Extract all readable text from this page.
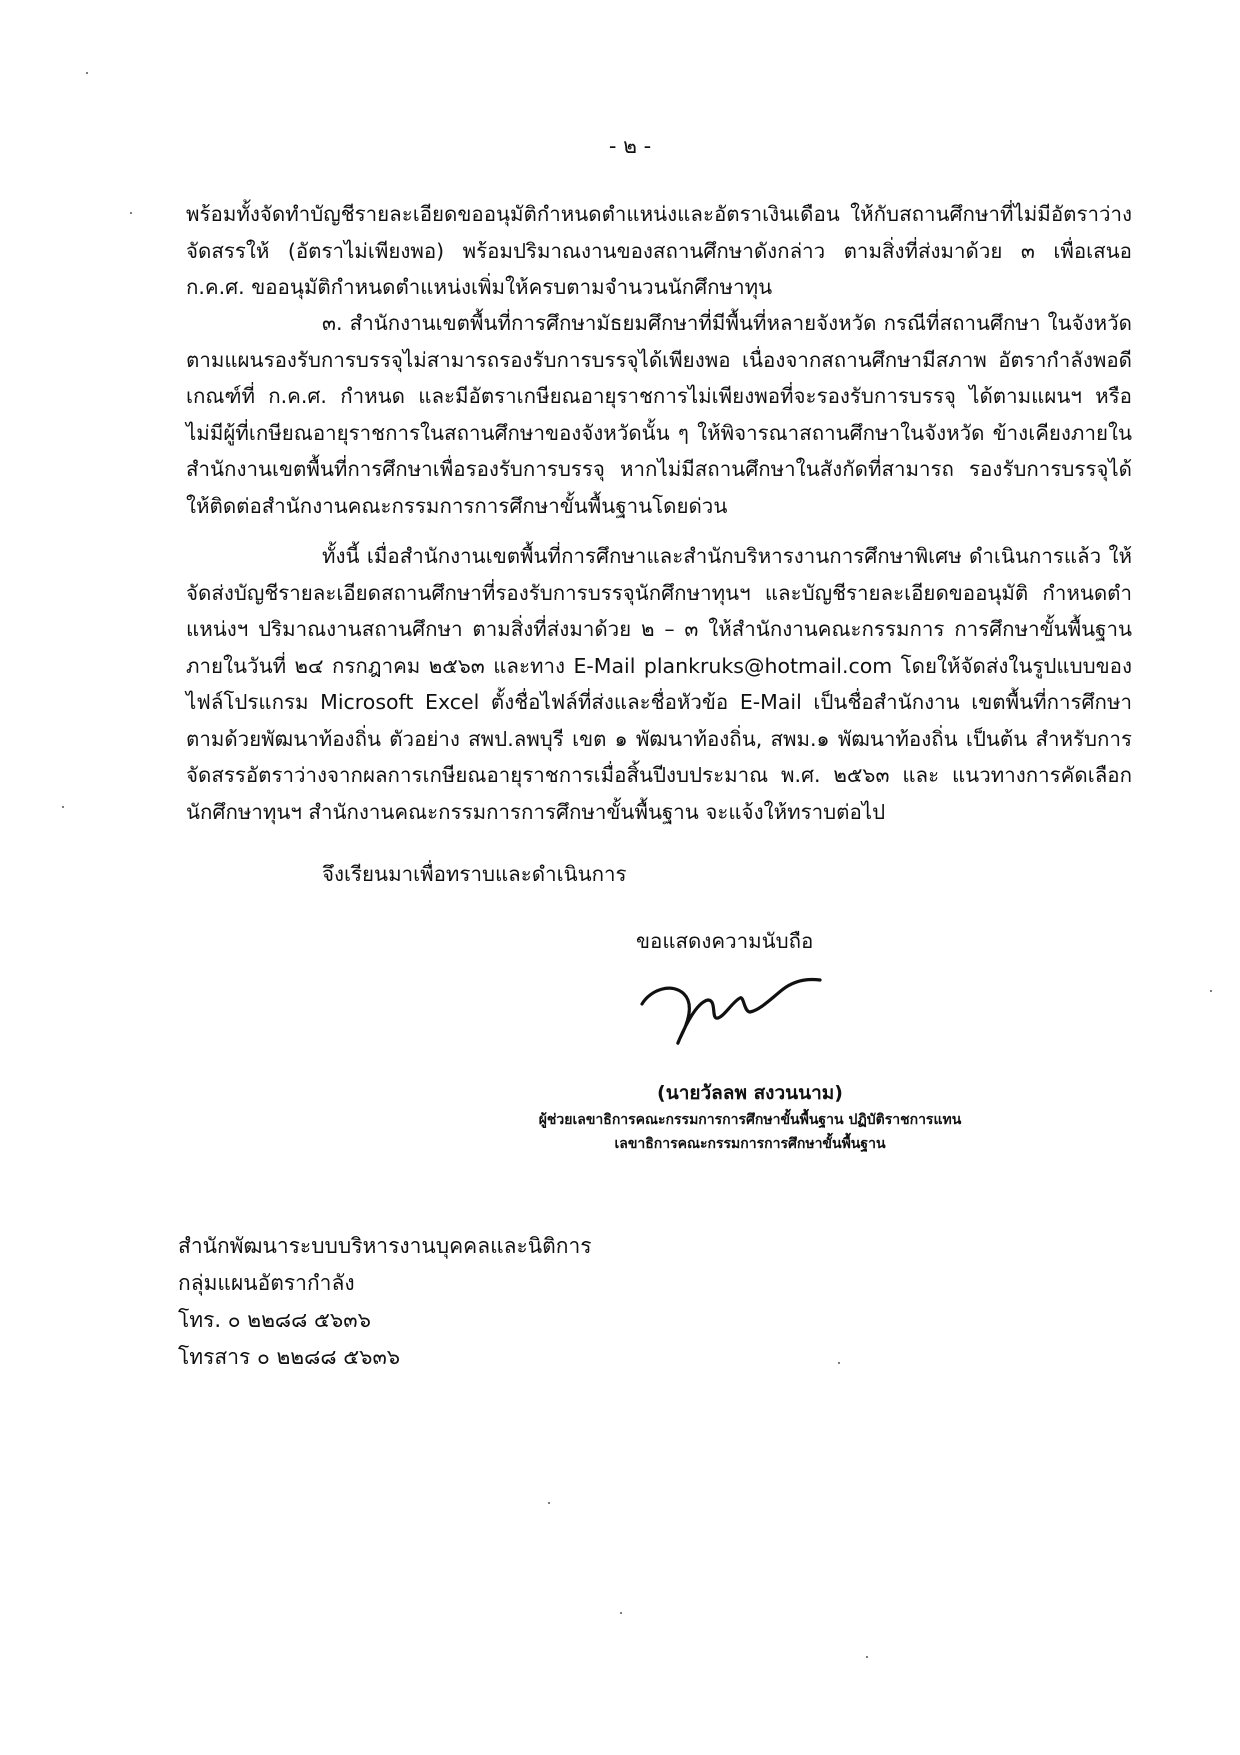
- ๒ -
พร้อมทั้งจัดทำบัญชีรายละเอียดขออนุมัติกำหนดตำแหน่งและอัตราเงินเดือน ให้กับสถานศึกษาที่ไม่มีอัตราว่าง จัดสรรให้ (อัตราไม่เพียงพอ) พร้อมปริมาณงานของสถานศึกษาดังกล่าว ตามสิ่งที่ส่งมาด้วย ๓ เพื่อเสนอ ก.ค.ศ. ขออนุมัติกำหนดตำแหน่งเพิ่มให้ครบตามจำนวนนักศึกษาทุน
๓. สำนักงานเขตพื้นที่การศึกษามัธยมศึกษาที่มีพื้นที่หลายจังหวัด กรณีที่สถานศึกษา ในจังหวัดตามแผนรองรับการบรรจุไม่สามารถรองรับการบรรจุได้เพียงพอ เนื่องจากสถานศึกษามีสภาพ อัตรากำลังพอดีเกณฑ์ที่ ก.ค.ศ. กำหนด และมีอัตราเกษียณอายุราชการไม่เพียงพอที่จะรองรับการบรรจุ ได้ตามแผนฯ หรือไม่มีผู้ที่เกษียณอายุราชการในสถานศึกษาของจังหวัดนั้น ๆ ให้พิจารณาสถานศึกษาในจังหวัด ข้างเคียงภายในสำนักงานเขตพื้นที่การศึกษาเพื่อรองรับการบรรจุ หากไม่มีสถานศึกษาในสังกัดที่สามารถ รองรับการบรรจุได้ ให้ติดต่อสำนักงานคณะกรรมการการศึกษาขั้นพื้นฐานโดยด่วน
ทั้งนี้ เมื่อสำนักงานเขตพื้นที่การศึกษาและสำนักบริหารงานการศึกษาพิเศษ ดำเนินการแล้ว ให้จัดส่งบัญชีรายละเอียดสถานศึกษาที่รองรับการบรรจุนักศึกษาทุนฯ และบัญชีรายละเอียดขออนุมัติ กำหนดตำแหน่งฯ ปริมาณงานสถานศึกษา ตามสิ่งที่ส่งมาด้วย ๒ – ๓ ให้สำนักงานคณะกรรมการ การศึกษาขั้นพื้นฐาน ภายในวันที่ ๒๔ กรกฎาคม ๒๕๖๓ และทาง E-Mail plankruks@hotmail.com โดยให้จัดส่งในรูปแบบของไฟล์โปรแกรม Microsoft Excel ตั้งชื่อไฟล์ที่ส่งและชื่อหัวข้อ E-Mail เป็นชื่อสำนักงาน เขตพื้นที่การศึกษาตามด้วยพัฒนาท้องถิ่น ตัวอย่าง สพป.ลพบุรี เขต ๑ พัฒนาท้องถิ่น, สพม.๑ พัฒนาท้องถิ่น เป็นต้น สำหรับการจัดสรรอัตราว่างจากผลการเกษียณอายุราชการเมื่อสิ้นปีงบประมาณ พ.ศ. ๒๕๖๓ และ แนวทางการคัดเลือกนักศึกษาทุนฯ สำนักงานคณะกรรมการการศึกษาขั้นพื้นฐาน จะแจ้งให้ทราบต่อไป
จึงเรียนมาเพื่อทราบและดำเนินการ
ขอแสดงความนับถือ
(นายวัลลพ สงวนนาม)
ผู้ช่วยเลขาธิการคณะกรรมการการศึกษาขั้นพื้นฐาน ปฏิบัติราชการแทน
เลขาธิการคณะกรรมการการศึกษาขั้นพื้นฐาน
สำนักพัฒนาระบบบริหารงานบุคคลและนิติการ
กลุ่มแผนอัตรากำลัง
โทร. ๐ ๒๒๘๘ ๕๖๓๖
โทรสาร ๐ ๒๒๘๘ ๕๖๓๖
